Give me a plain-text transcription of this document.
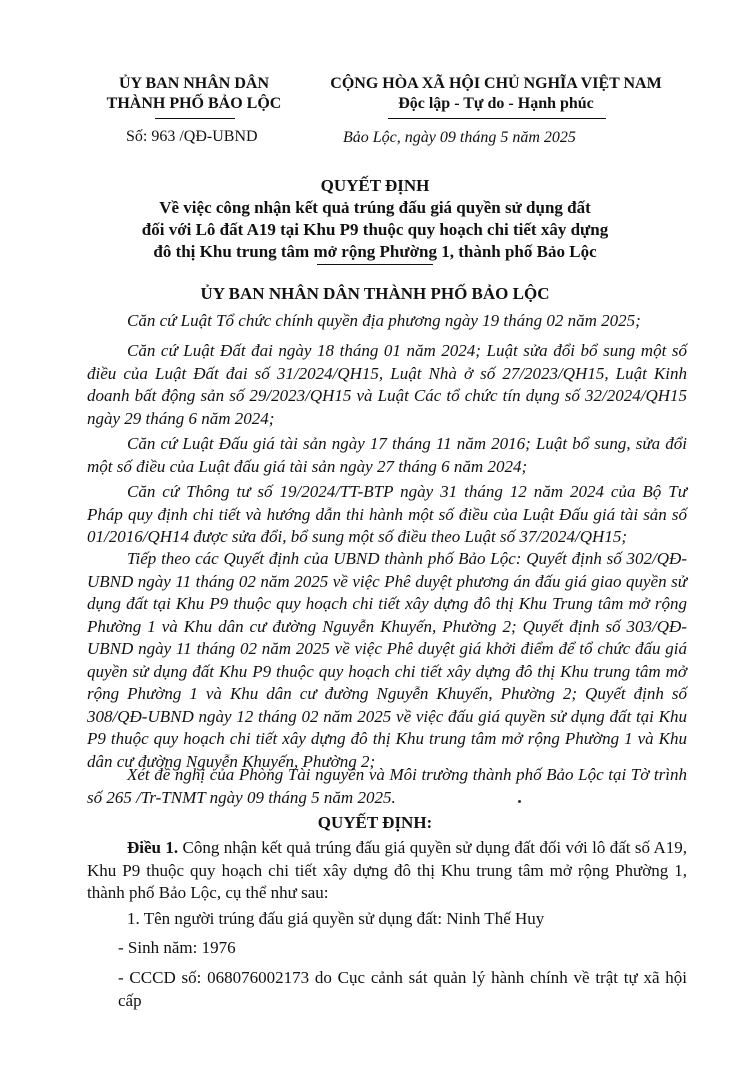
ỦY BAN NHÂN DÂN
THÀNH PHỐ BẢO LỘC
Số: 963 /QĐ-UBND
CỘNG HÒA XÃ HỘI CHỦ NGHĨA VIỆT NAM
Độc lập - Tự do - Hạnh phúc
Bảo Lộc, ngày 09 tháng 5 năm 2025
QUYẾT ĐỊNH
Về việc công nhận kết quả trúng đấu giá quyền sử dụng đất
đối với Lô đất A19 tại Khu P9 thuộc quy hoạch chi tiết xây dựng
đô thị Khu trung tâm mở rộng Phường 1, thành phố Bảo Lộc
ỦY BAN NHÂN DÂN THÀNH PHỐ BẢO LỘC
Căn cứ Luật Tổ chức chính quyền địa phương ngày 19 tháng 02 năm 2025;
Căn cứ Luật Đất đai ngày 18 tháng 01 năm 2024; Luật sửa đổi bổ sung một số điều của Luật Đất đai số 31/2024/QH15, Luật Nhà ở số 27/2023/QH15, Luật Kinh doanh bất động sản số 29/2023/QH15 và Luật Các tổ chức tín dụng số 32/2024/QH15 ngày 29 tháng 6 năm 2024;
Căn cứ Luật Đấu giá tài sản ngày 17 tháng 11 năm 2016; Luật bổ sung, sửa đổi một số điều của Luật đấu giá tài sản ngày 27 tháng 6 năm 2024;
Căn cứ Thông tư số 19/2024/TT-BTP ngày 31 tháng 12 năm 2024 của Bộ Tư Pháp quy định chi tiết và hướng dẫn thi hành một số điều của Luật Đấu giá tài sản số 01/2016/QH14 được sửa đổi, bổ sung một số điều theo Luật số 37/2024/QH15;
Tiếp theo các Quyết định của UBND thành phố Bảo Lộc: Quyết định số 302/QĐ-UBND ngày 11 tháng 02 năm 2025 về việc Phê duyệt phương án đấu giá giao quyền sử dụng đất tại Khu P9 thuộc quy hoạch chi tiết xây dựng đô thị Khu Trung tâm mở rộng Phường 1 và Khu dân cư đường Nguyễn Khuyến, Phường 2; Quyết định số 303/QĐ-UBND ngày 11 tháng 02 năm 2025 về việc Phê duyệt giá khởi điểm để tổ chức đấu giá quyền sử dụng đất Khu P9 thuộc quy hoạch chi tiết xây dựng đô thị Khu trung tâm mở rộng Phường 1 và Khu dân cư đường Nguyễn Khuyến, Phường 2; Quyết định số 308/QĐ-UBND ngày 12 tháng 02 năm 2025 về việc đấu giá quyền sử dụng đất tại Khu P9 thuộc quy hoạch chi tiết xây dựng đô thị Khu trung tâm mở rộng Phường 1 và Khu dân cư đường Nguyễn Khuyến, Phường 2;
Xét đề nghị của Phòng Tài nguyên và Môi trường thành phố Bảo Lộc tại Tờ trình số 265 /Tr-TNMT ngày 09 tháng 5 năm 2025.
QUYẾT ĐỊNH:
Điều 1. Công nhận kết quả trúng đấu giá quyền sử dụng đất đối với lô đất số A19, Khu P9 thuộc quy hoạch chi tiết xây dựng đô thị Khu trung tâm mở rộng Phường 1, thành phố Bảo Lộc, cụ thể như sau:
1. Tên người trúng đấu giá quyền sử dụng đất: Ninh Thế Huy
- Sinh năm: 1976
- CCCD số: 068076002173 do Cục cảnh sát quản lý hành chính về trật tự xã hội cấp
